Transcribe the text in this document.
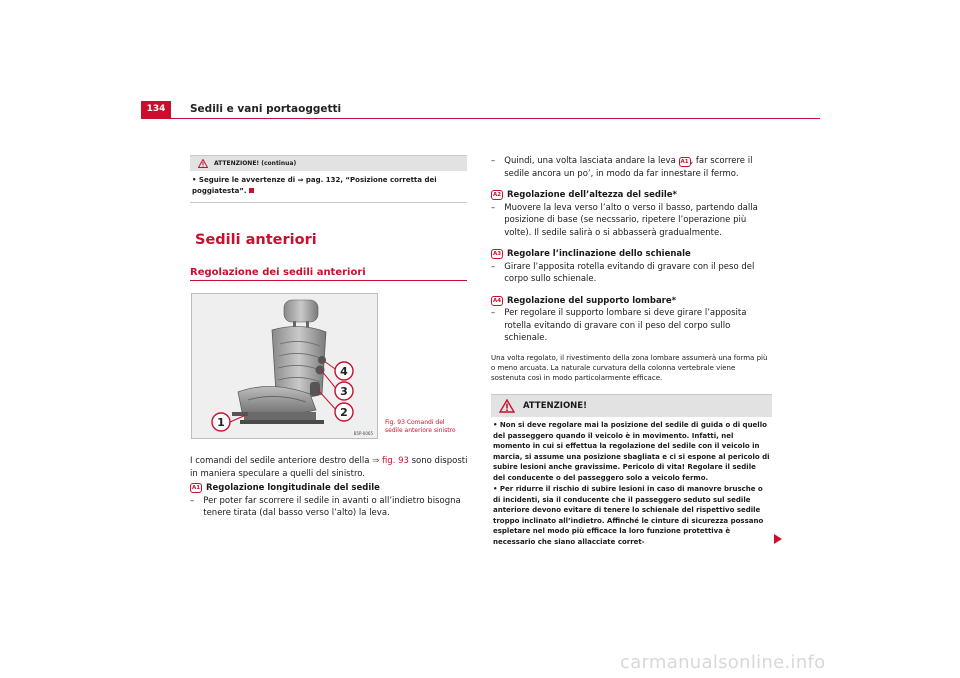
134	Sedili e vani portaoggetti
ATTENZIONE! (continua)
• Seguire le avvertenze di ⇒ pag. 132, “Posizione corretta dei poggiatesta”.
Sedili anteriori
Regolazione dei sedili anteriori
1
2
3
4
B5P-0065
Fig. 93 Comandi del
sedile anteriore sinistro

I comandi del sedile anteriore destro della ⇒ fig. 93 sono disposti in maniera speculare a quelli del sinistro.

A1 Regolazione longitudinale del sedile
– Per poter far scorrere il sedile in avanti o all’indietro bisogna tenere tirata (dal basso verso l’alto) la leva.
– Quindi, una volta lasciata andare la leva A1 , far scorrere il sedile ancora un po’, in modo da far innestare il fermo.
A2 Regolazione dell’altezza del sedile*
– Muovere la leva verso l’alto o verso il basso, partendo dalla posizione di base (se necssario, ripetere l’operazione più volte). Il sedile salirà o si abbasserà gradualmente.
A3 Regolare l’inclinazione dello schienale
– Girare l’apposita rotella evitando di gravare con il peso del corpo sullo schienale.
A4 Regolazione del supporto lombare*
– Per regolare il supporto lombare si deve girare l’apposita rotella evitando di gravare con il peso del corpo sullo schienale.

Una volta regolato, il rivestimento della zona lombare assumerà una forma più o meno arcuata. La naturale curvatura della colonna vertebrale viene sostenuta così in modo particolarmente efficace.

ATTENZIONE!

• Non si deve regolare mai la posizione del sedile di guida o di quello del passeggero quando il veicolo è in movimento. Infatti, nel momento in cui si effettua la regolazione del sedile con il veicolo in marcia, si assume una posizione sbagliata e ci si espone al pericolo di subire lesioni anche gravissime. Pericolo di vita! Regolare il sedile del conducente o del passeggero solo a veicolo fermo.

• Per ridurre il rischio di subire lesioni in caso di manovre brusche o di incidenti, sia il conducente che il passeggero seduto sul sedile anteriore devono evitare di tenere lo schienale del rispettivo sedile troppo inclinato all’indietro. Affinché le cinture di sicurezza possano espletare nel modo più efficace la loro funzione protettiva è necessario che siano allacciate corret-

carmanualsonline.info
